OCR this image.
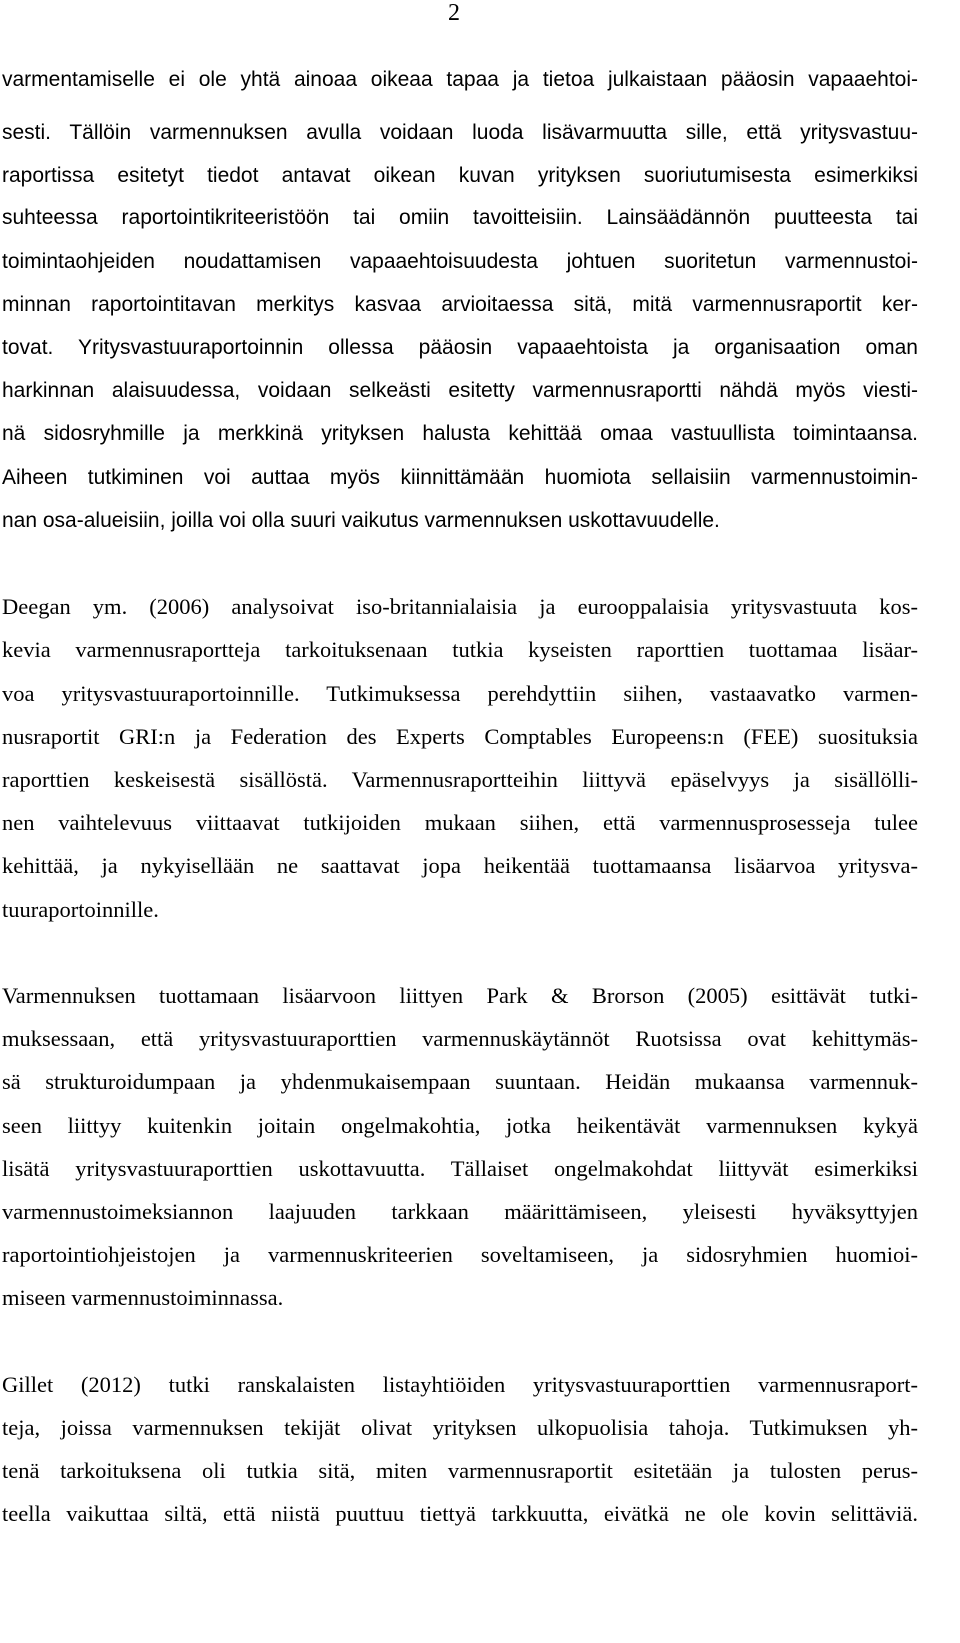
2
varmentamiselle ei ole yhtä ainoaa oikeaa tapaa ja tietoa julkaistaan pääosin vapaaehtoi-
sesti. Tällöin varmennuksen avulla voidaan luoda lisävarmuutta sille, että yritysvastuu-
raportissa esitetyt tiedot antavat oikean kuvan yrityksen suoriutumisesta esimerkiksi
suhteessa raportointikriteeristöön tai omiin tavoitteisiin. Lainsäädännön puutteesta tai
toimintaohjeiden noudattamisen vapaaehtoisuudesta johtuen suoritetun varmennustoi-
minnan raportointitavan merkitys kasvaa arvioitaessa sitä, mitä varmennusraportit ker-
tovat. Yritysvastuuraportoinnin ollessa pääosin vapaaehtoista ja organisaation oman
harkinnan alaisuudessa, voidaan selkeästi esitetty varmennusraportti nähdä myös viesti-
nä sidosryhmille ja merkkinä yrityksen halusta kehittää omaa vastuullista toimintaansa.
Aiheen tutkiminen voi auttaa myös kiinnittämään huomiota sellaisiin varmennustoimin-
nan osa-alueisiin, joilla voi olla suuri vaikutus varmennuksen uskottavuudelle.
Deegan ym. (2006) analysoivat iso-britannialaisia ja eurooppalaisia yritysvastuuta kos-
kevia varmennusraportteja tarkoituksenaan tutkia kyseisten raporttien tuottamaa lisäar-
voa yritysvastuuraportoinnille. Tutkimuksessa perehdyttiin siihen, vastaavatko varmen-
nusraportit GRI:n ja Federation des Experts Comptables Europeens:n (FEE) suosituksia
raporttien keskeisestä sisällöstä. Varmennusraportteihin liittyvä epäselvyys ja sisällölli-
nen vaihtelevuus viittaavat tutkijoiden mukaan siihen, että varmennusprosesseja tulee
kehittää, ja nykyisellään ne saattavat jopa heikentää tuottamaansa lisäarvoa yritysva-
tuuraportoinnille.
Varmennuksen tuottamaan lisäarvoon liittyen Park & Brorson (2005) esittävät tutki-
muksessaan, että yritysvastuuraporttien varmennuskäytännöt Ruotsissa ovat kehittymäs-
sä strukturoidumpaan ja yhdenmukaisempaan suuntaan. Heidän mukaansa varmennuk-
seen liittyy kuitenkin joitain ongelmakohtia, jotka heikentävät varmennuksen kykyä
lisätä yritysvastuuraporttien uskottavuutta. Tällaiset ongelmakohdat liittyvät esimerkiksi
varmennustoimeksiannon laajuuden tarkkaan määrittämiseen, yleisesti hyväksyttyjen
raportointiohjeistojen ja varmennuskriteerien soveltamiseen, ja sidosryhmien huomioi-
miseen varmennustoiminnassa.
Gillet (2012) tutki ranskalaisten listayhtiöiden yritysvastuuraporttien varmennusraport-
teja, joissa varmennuksen tekijät olivat yrityksen ulkopuolisia tahoja. Tutkimuksen yh-
tenä tarkoituksena oli tutkia sitä, miten varmennusraportit esitetään ja tulosten perus-
teella vaikuttaa siltä, että niistä puuttuu tiettyä tarkkuutta, eivätkä ne ole kovin selittäviä.
